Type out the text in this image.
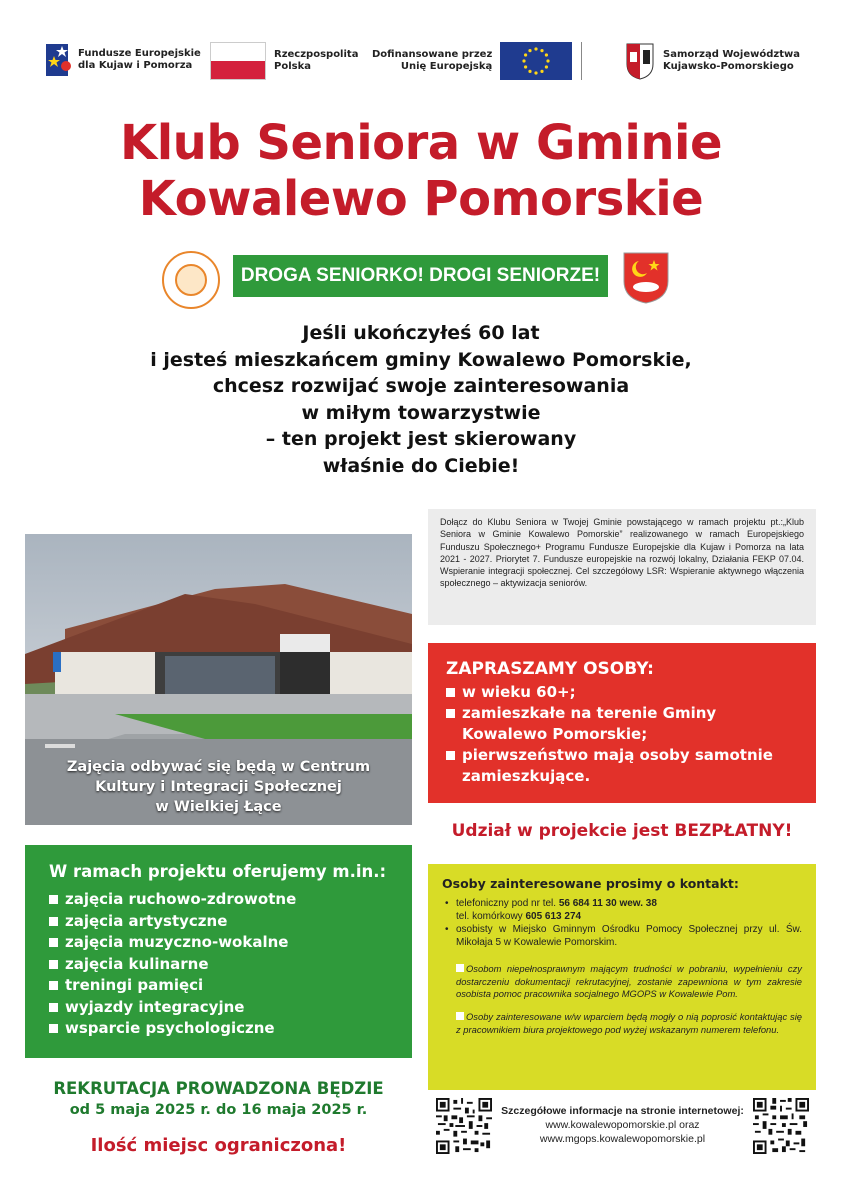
Fundusze Europejskie
dla Kujaw i Pomorza
Rzeczpospolita
Polska
Dofinansowane przez
Unię Europejską
Samorząd Województwa
Kujawsko-Pomorskiego
Klub Seniora w Gminie
Kowalewo Pomorskie
DROGA SENIORKO! DROGI SENIORZE!

Jeśli ukończyłeś 60 lat

i jesteś mieszkańcem gminy Kowalewo Pomorskie,

chcesz rozwijać swoje zainteresowania

w miłym towarzystwie

– ten projekt jest skierowany

właśnie do Ciebie!

Dołącz do Klubu Seniora w Twojej Gminie powstającego w ramach projektu pt.:„Klub Seniora w Gminie Kowalewo Pomorskie” realizowanego w ramach Europejskiego Funduszu Społecznego+ Programu Fundusze Europejskie dla Kujaw i Pomorza na lata 2021 - 2027. Priorytet 7. Fundusze europejskie na rozwój lokalny, Działania FEKP 07.04. Wspieranie integracji społecznej. Cel szczegółowy LSR: Wspieranie aktywnego włączenia społecznego – aktywizacja seniorów.
Zajęcia odbywać się będą w Centrum
Kultury i Integracji Społecznej
w Wielkiej Łące
ZAPRASZAMY OSOBY:
w wieku 60+;
zamieszkałe na terenie Gminy Kowalewo Pomorskie;
pierwszeństwo mają osoby samotnie zamieszkujące.
Udział w projekcie jest BEZPŁATNY!
W ramach projektu oferujemy m.in.:
zajęcia ruchowo-zdrowotne
zajęcia artystyczne
zajęcia muzyczno-wokalne
zajęcia kulinarne
treningi pamięci
wyjazdy integracyjne
wsparcie psychologiczne
Osoby zainteresowane prosimy o kontakt:
• telefoniczny pod nr tel. 56 684 11 30 wew. 38
tel. komórkowy 605 613 274
• osobisty w Miejsko Gminnym Ośrodku Pomocy Społecznej przy ul. Św. Mikołaja 5 w Kowalewie Pomorskim.
Osobom niepełnosprawnym mającym trudności w pobraniu, wypełnieniu czy dostarczeniu dokumentacji rekrutacyjnej, zostanie zapewniona w tym zakresie osobista pomoc pracownika socjalnego MGOPS w Kowalewie Pom.
Osoby zainteresowane w/w wparciem będą mogły o nią poprosić kontaktując się z pracownikiem biura projektowego pod wyżej wskazanym numerem telefonu.
REKRUTACJA PROWADZONA BĘDZIE
od 5 maja 2025 r. do 16 maja 2025 r.
Ilość miejsc ograniczona!
Szczegółowe informacje na stronie internetowej:
www.kowalewopomorskie.pl oraz
www.mgops.kowalewopomorskie.pl
